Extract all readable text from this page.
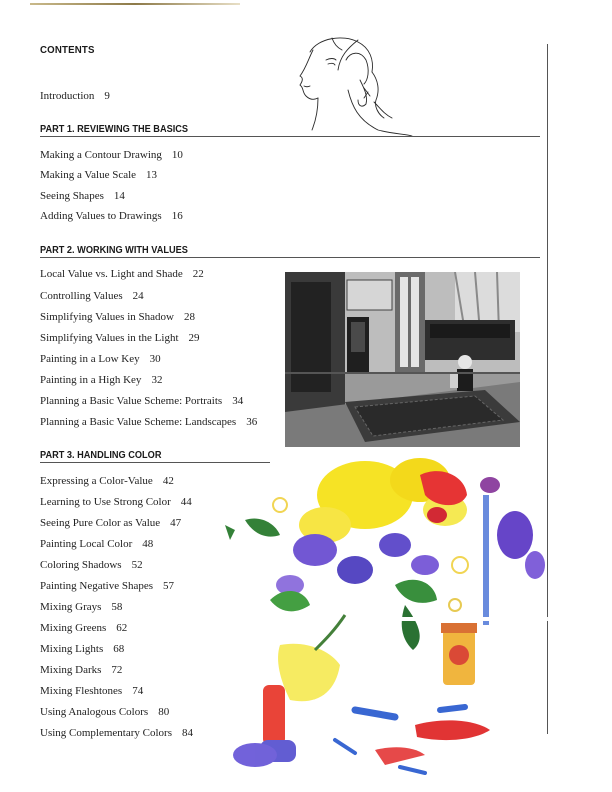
CONTENTS
Introduction 9
PART 1. REVIEWING THE BASICS
Making a Contour Drawing 10
Making a Value Scale 13
Seeing Shapes 14
Adding Values to Drawings 16
PART 2. WORKING WITH VALUES
Local Value vs. Light and Shade 22
Controlling Values 24
Simplifying Values in Shadow 28
Simplifying Values in the Light 29
Painting in a Low Key 30
Painting in a High Key 32
Planning a Basic Value Scheme: Portraits 34
Planning a Basic Value Scheme: Landscapes 36
PART 3. HANDLING COLOR
Expressing a Color-Value 42
Learning to Use Strong Color 44
Seeing Pure Color as Value 47
Painting Local Color 48
Coloring Shadows 52
Painting Negative Shapes 57
Mixing Grays 58
Mixing Greens 62
Mixing Lights 68
Mixing Darks 72
Mixing Fleshtones 74
Using Analogous Colors 80
Using Complementary Colors 84
